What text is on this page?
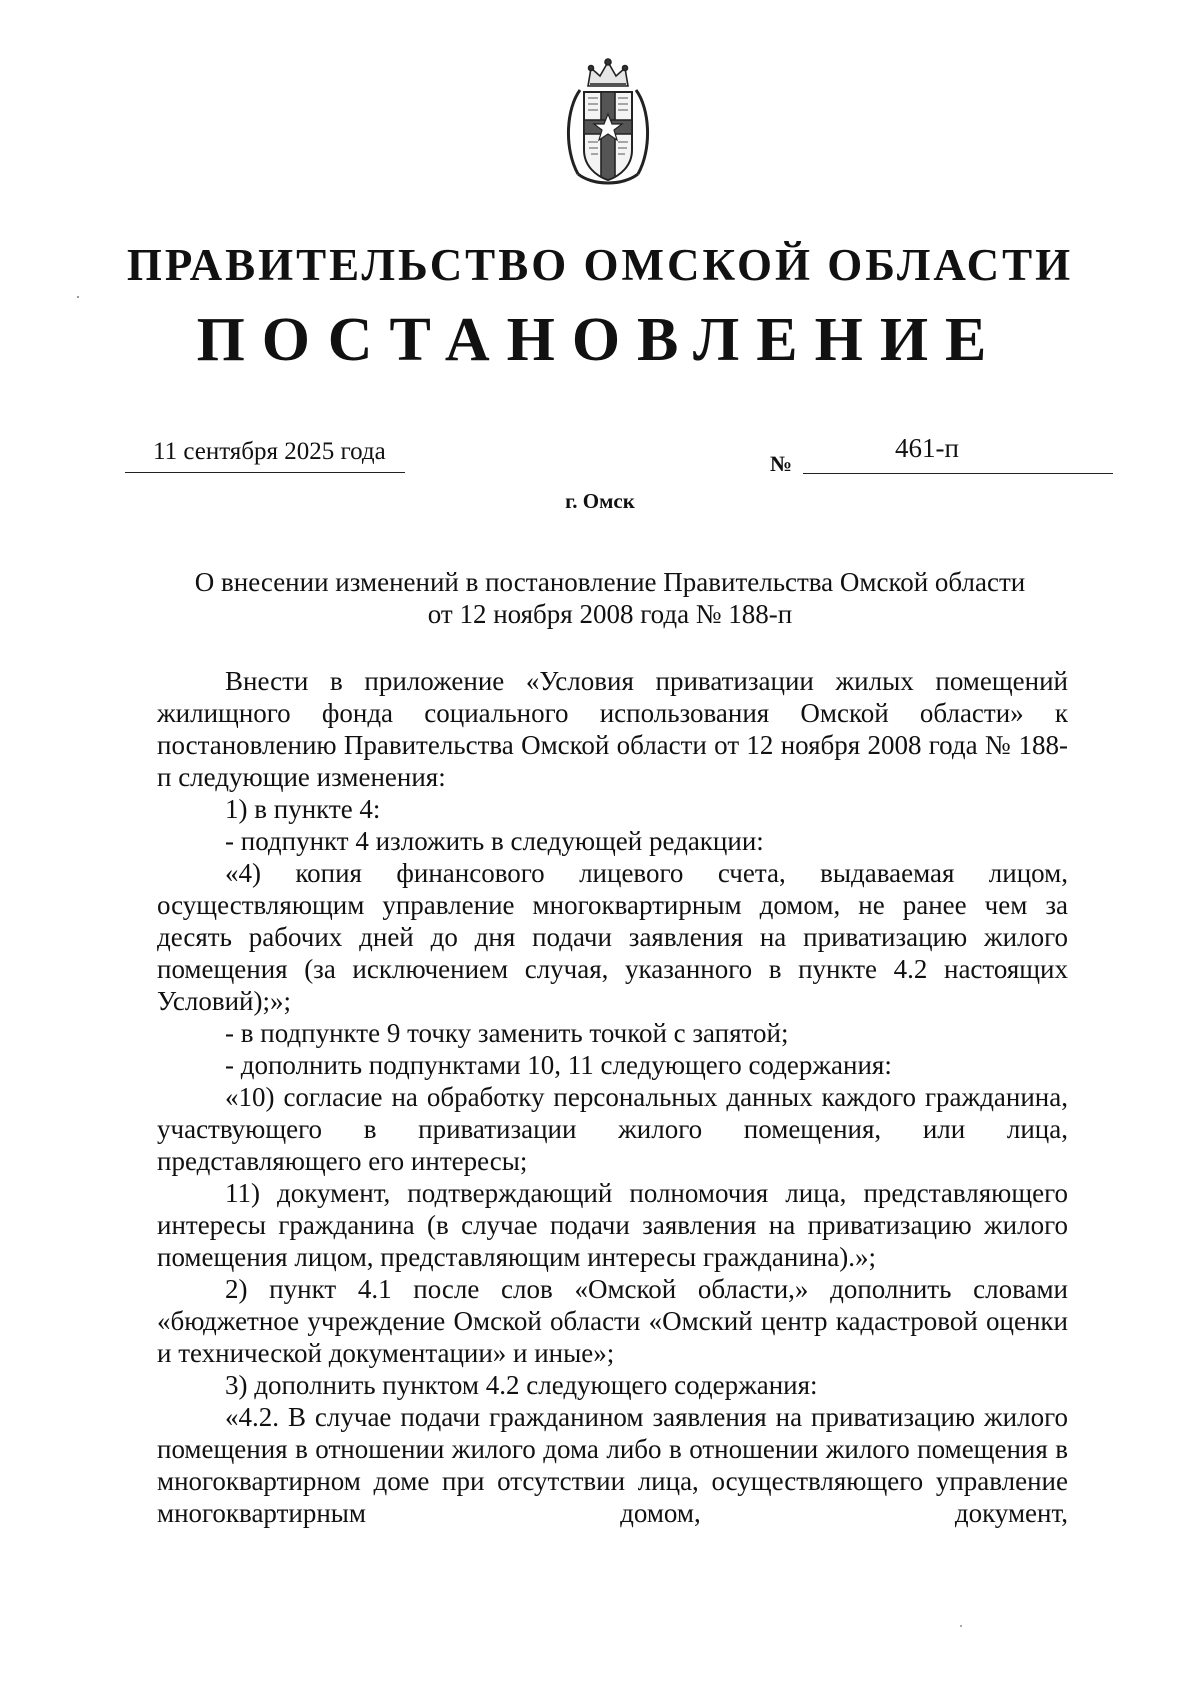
ПРАВИТЕЛЬСТВО ОМСКОЙ ОБЛАСТИ
ПОСТАНОВЛЕНИЕ
11 сентября 2025 года	№
461-п
г. Омск
О внесении изменений в постановление Правительства Омской области
от 12 ноября 2008 года № 188-п

Внести в приложение «Условия приватизации жилых помещений жилищного фонда социального использования Омской области» к постановлению Правительства Омской области от 12 ноября 2008 года № 188-п следующие изменения:

1) в пункте 4:

- подпункт 4 изложить в следующей редакции:

«4) копия финансового лицевого счета, выдаваемая лицом, осуществляющим управление многоквартирным домом, не ранее чем за десять рабочих дней до дня подачи заявления на приватизацию жилого помещения (за исключением случая, указанного в пункте 4.2 настоящих Условий);»;

- в подпункте 9 точку заменить точкой с запятой;

- дополнить подпунктами 10, 11 следующего содержания:

«10) согласие на обработку персональных данных каждого гражданина, участвующего в приватизации жилого помещения, или лица, представляющего его интересы;

11) документ, подтверждающий полномочия лица, представляющего интересы гражданина (в случае подачи заявления на приватизацию жилого помещения лицом, представляющим интересы гражданина).»;

2) пункт 4.1 после слов «Омской области,» дополнить словами «бюджетное учреждение Омской области «Омский центр кадастровой оценки и технической документации» и иные»;

3) дополнить пунктом 4.2 следующего содержания:

«4.2. В случае подачи гражданином заявления на приватизацию жилого помещения в отношении жилого дома либо в отношении жилого помещения в многоквартирном доме при отсутствии лица, осуществляющего управление многоквартирным домом, документ,
